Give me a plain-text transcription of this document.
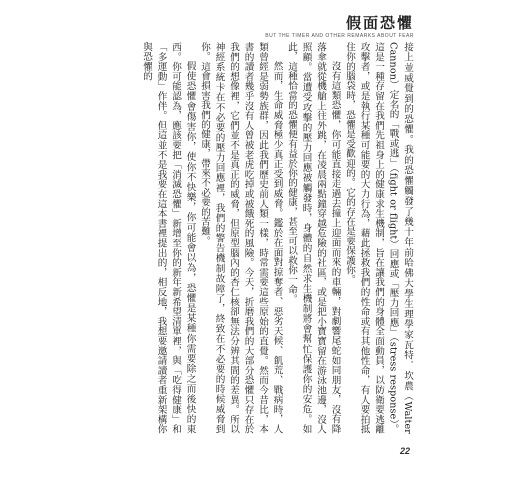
假面恐懼
BUT THE TIMER AND OTHER REMARKS ABOUT FEAR

接上並威覺到的恐懼。我的恐懼觸發了幾十年前哈佛大學生理學家瓦特．坎農（Walter Cannon）定名的「戰或逃」（fight or flight）回應或「壓力回應」（stress response）。這是一種存留在我們先祖身上的健康求生機制，旨在讓我們的身體全面動員，以防衛要逃離攻擊者，或是執行某種可能要的大力行為，藉此拯救我們的性命或有其他性命，有人要拍抵住你的腦袋時，恐懼是受歡迎的。它的存在是要保護你。

沒有這類恐懼，你可能直接走過去撞上迎面而來的車輛，對劇響尾蛇如同朋友，沒有降落傘就從機艙上往外跳，在凌晨兩點鐘穿越危險的社區，或是把小寶寶留在游泳池邊，沒人照顧。當遭受攻擊的壓力回應被觸發時，身體的自然求生機制將會幫忙保護你的安危。如此，這種恰當的恐懼便有益於你的健康，甚至可以救你一命。

然而，生命威脅極少真正受到威脅。鑑於在面對掠奪者、惡劣天候、飢荒、戰病時，人類曾經是弱勢族群，因此我們歷史前人類一樣，時常需要這些原始的直覺。然而今昔比，本書的讀者幾乎沒有人曾被老虎吃掉或被餓死的風險。今天，折磨我們的大部分恐懼只存在於我們的想像裡，它們並不是真正的威脅，但原型腦內的杏仁核卻無法分辨其間的差異。所以神經系統卡在不必要的壓力回應裡，我們的警告機制故障了，終致在不必要的時候威脅到你。這會損害我們的健康，帶來不必要的苦難。

假使恐懼會傷害你，使你不快樂，你可能會以為，恐懼是某種你需要除之而後快的東西。你可能認為，應該要把「消滅恐懼」新增至你的新年新希望清單裡，與「吃得健康」和「多運動」作伴。但這並不是我要在這本書裡提出的，相反地，我想要邀請讀者重新架構你與恐懼的

22
